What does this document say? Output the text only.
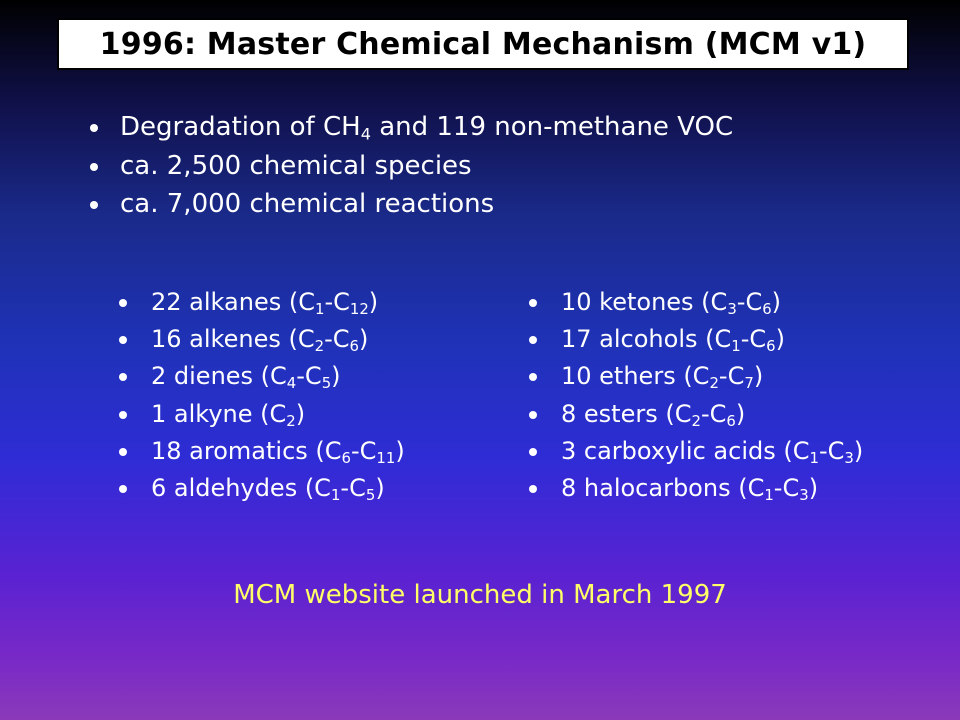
1996: Master Chemical Mechanism (MCM v1)
Degradation of $CH_4$ and 119 non-methane VOC
ca. 2,500 chemical species
ca. 7,000 chemical reactions
22 alkanes $(C_1-C_{12})$
16 alkenes $(C_2-C_6)$
2 dienes $(C_4-C_5)$
1 alkyne $(C_2)$
18 aromatics $(C_6-C_{11})$
6 aldehydes $(C_1-C_5)$
10 ketones $(C_3-C_6)$
17 alcohols $(C_1-C_6)$
10 ethers $(C_2-C_7)$
8 esters $(C_2-C_6)$
3 carboxylic acids $(C_1-C_3)$
8 halocarbons $(C_1-C_3)$
MCM website launched in March 1997
